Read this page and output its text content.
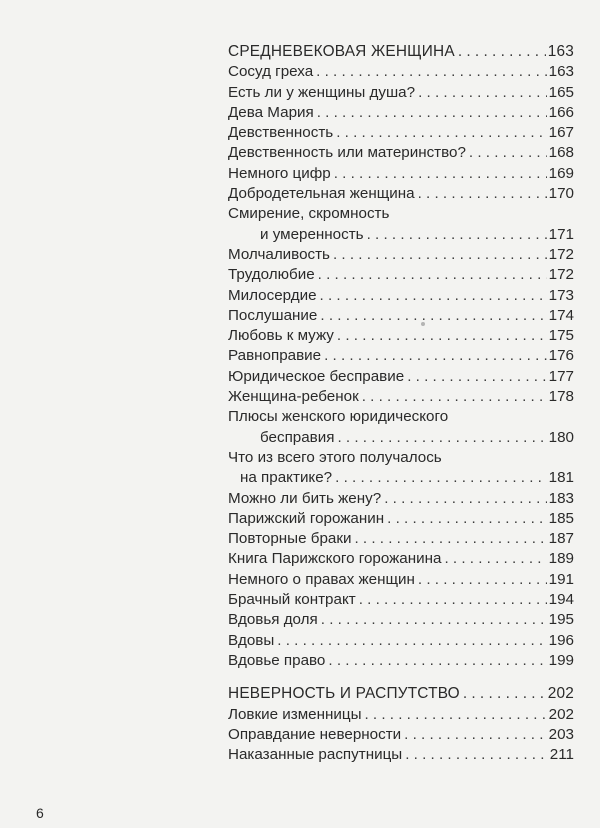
СРЕДНЕВЕКОВАЯ ЖЕНЩИНА . . .	163
Сосуд греха . . .	163
Есть ли у женщины душа? . . .	165
Дева Мария . . .	166
Девственность . . .	167
Девственность или материнство? . . .	168
Немного цифр . . .	169
Добродетельная женщина . . .	170
Смирение, скромность
и умеренность . . .	171
Молчаливость . . .	172
Трудолюбие . . .	172
Милосердие . . .	173
Послушание . . .	174
Любовь к мужу . . .	175
Равноправие . . .	176
Юридическое бесправие . . .	177
Женщина-ребенок . . .	178
Плюсы женского юридического
бесправия . . .	180
Что из всего этого получалось
на практике? . . .	181
Можно ли бить жену? . . .	183
Парижский горожанин . . .	185
Повторные браки . . .	187
Книга Парижского горожанина . . .	189
Немного о правах женщин . . .	191
Брачный контракт . . .	194
Вдовья доля . . .	195
Вдовы . . .	196
Вдовье право . . .	199
НЕВЕРНОСТЬ И РАСПУТСТВО . . .	202
Ловкие изменницы . . .	202
Оправдание неверности . . .	203
Наказанные распутницы . . .	211
6
